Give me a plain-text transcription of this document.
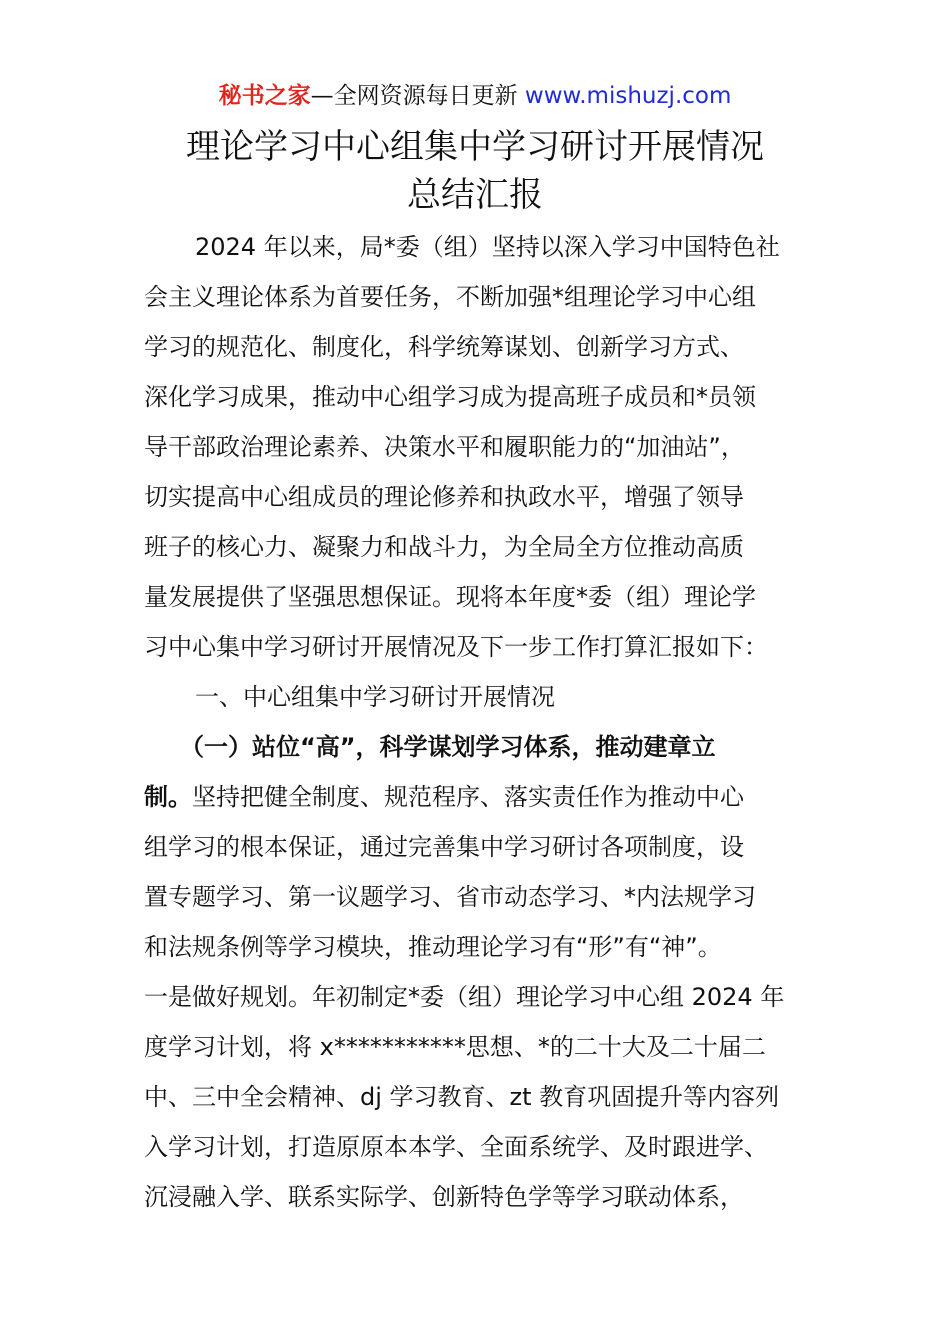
秘书之家—全网资源每日更新 www.mishuzj.com
理论学习中心组集中学习研讨开展情况
总结汇报
2024 年以来，局*委（组）坚持以深入学习中国特色社
会主义理论体系为首要任务，不断加强*组理论学习中心组
学习的规范化、制度化，科学统筹谋划、创新学习方式、
深化学习成果，推动中心组学习成为提高班子成员和*员领
导干部政治理论素养、决策水平和履职能力的“加油站”，
切实提高中心组成员的理论修养和执政水平，增强了领导
班子的核心力、凝聚力和战斗力，为全局全方位推动高质
量发展提供了坚强思想保证。现将本年度*委（组）理论学
习中心集中学习研讨开展情况及下一步工作打算汇报如下：
一、中心组集中学习研讨开展情况
（一）站位“高”，科学谋划学习体系，推动建章立
制。坚持把健全制度、规范程序、落实责任作为推动中心
组学习的根本保证，通过完善集中学习研讨各项制度，设
置专题学习、第一议题学习、省市动态学习、*内法规学习
和法规条例等学习模块，推动理论学习有“形”有“神”。
一是做好规划。年初制定*委（组）理论学习中心组 2024 年
度学习计划，将 x***********思想、*的二十大及二十届二
中、三中全会精神、dj 学习教育、zt 教育巩固提升等内容列
入学习计划，打造原原本本学、全面系统学、及时跟进学、
沉浸融入学、联系实际学、创新特色学等学习联动体系，
